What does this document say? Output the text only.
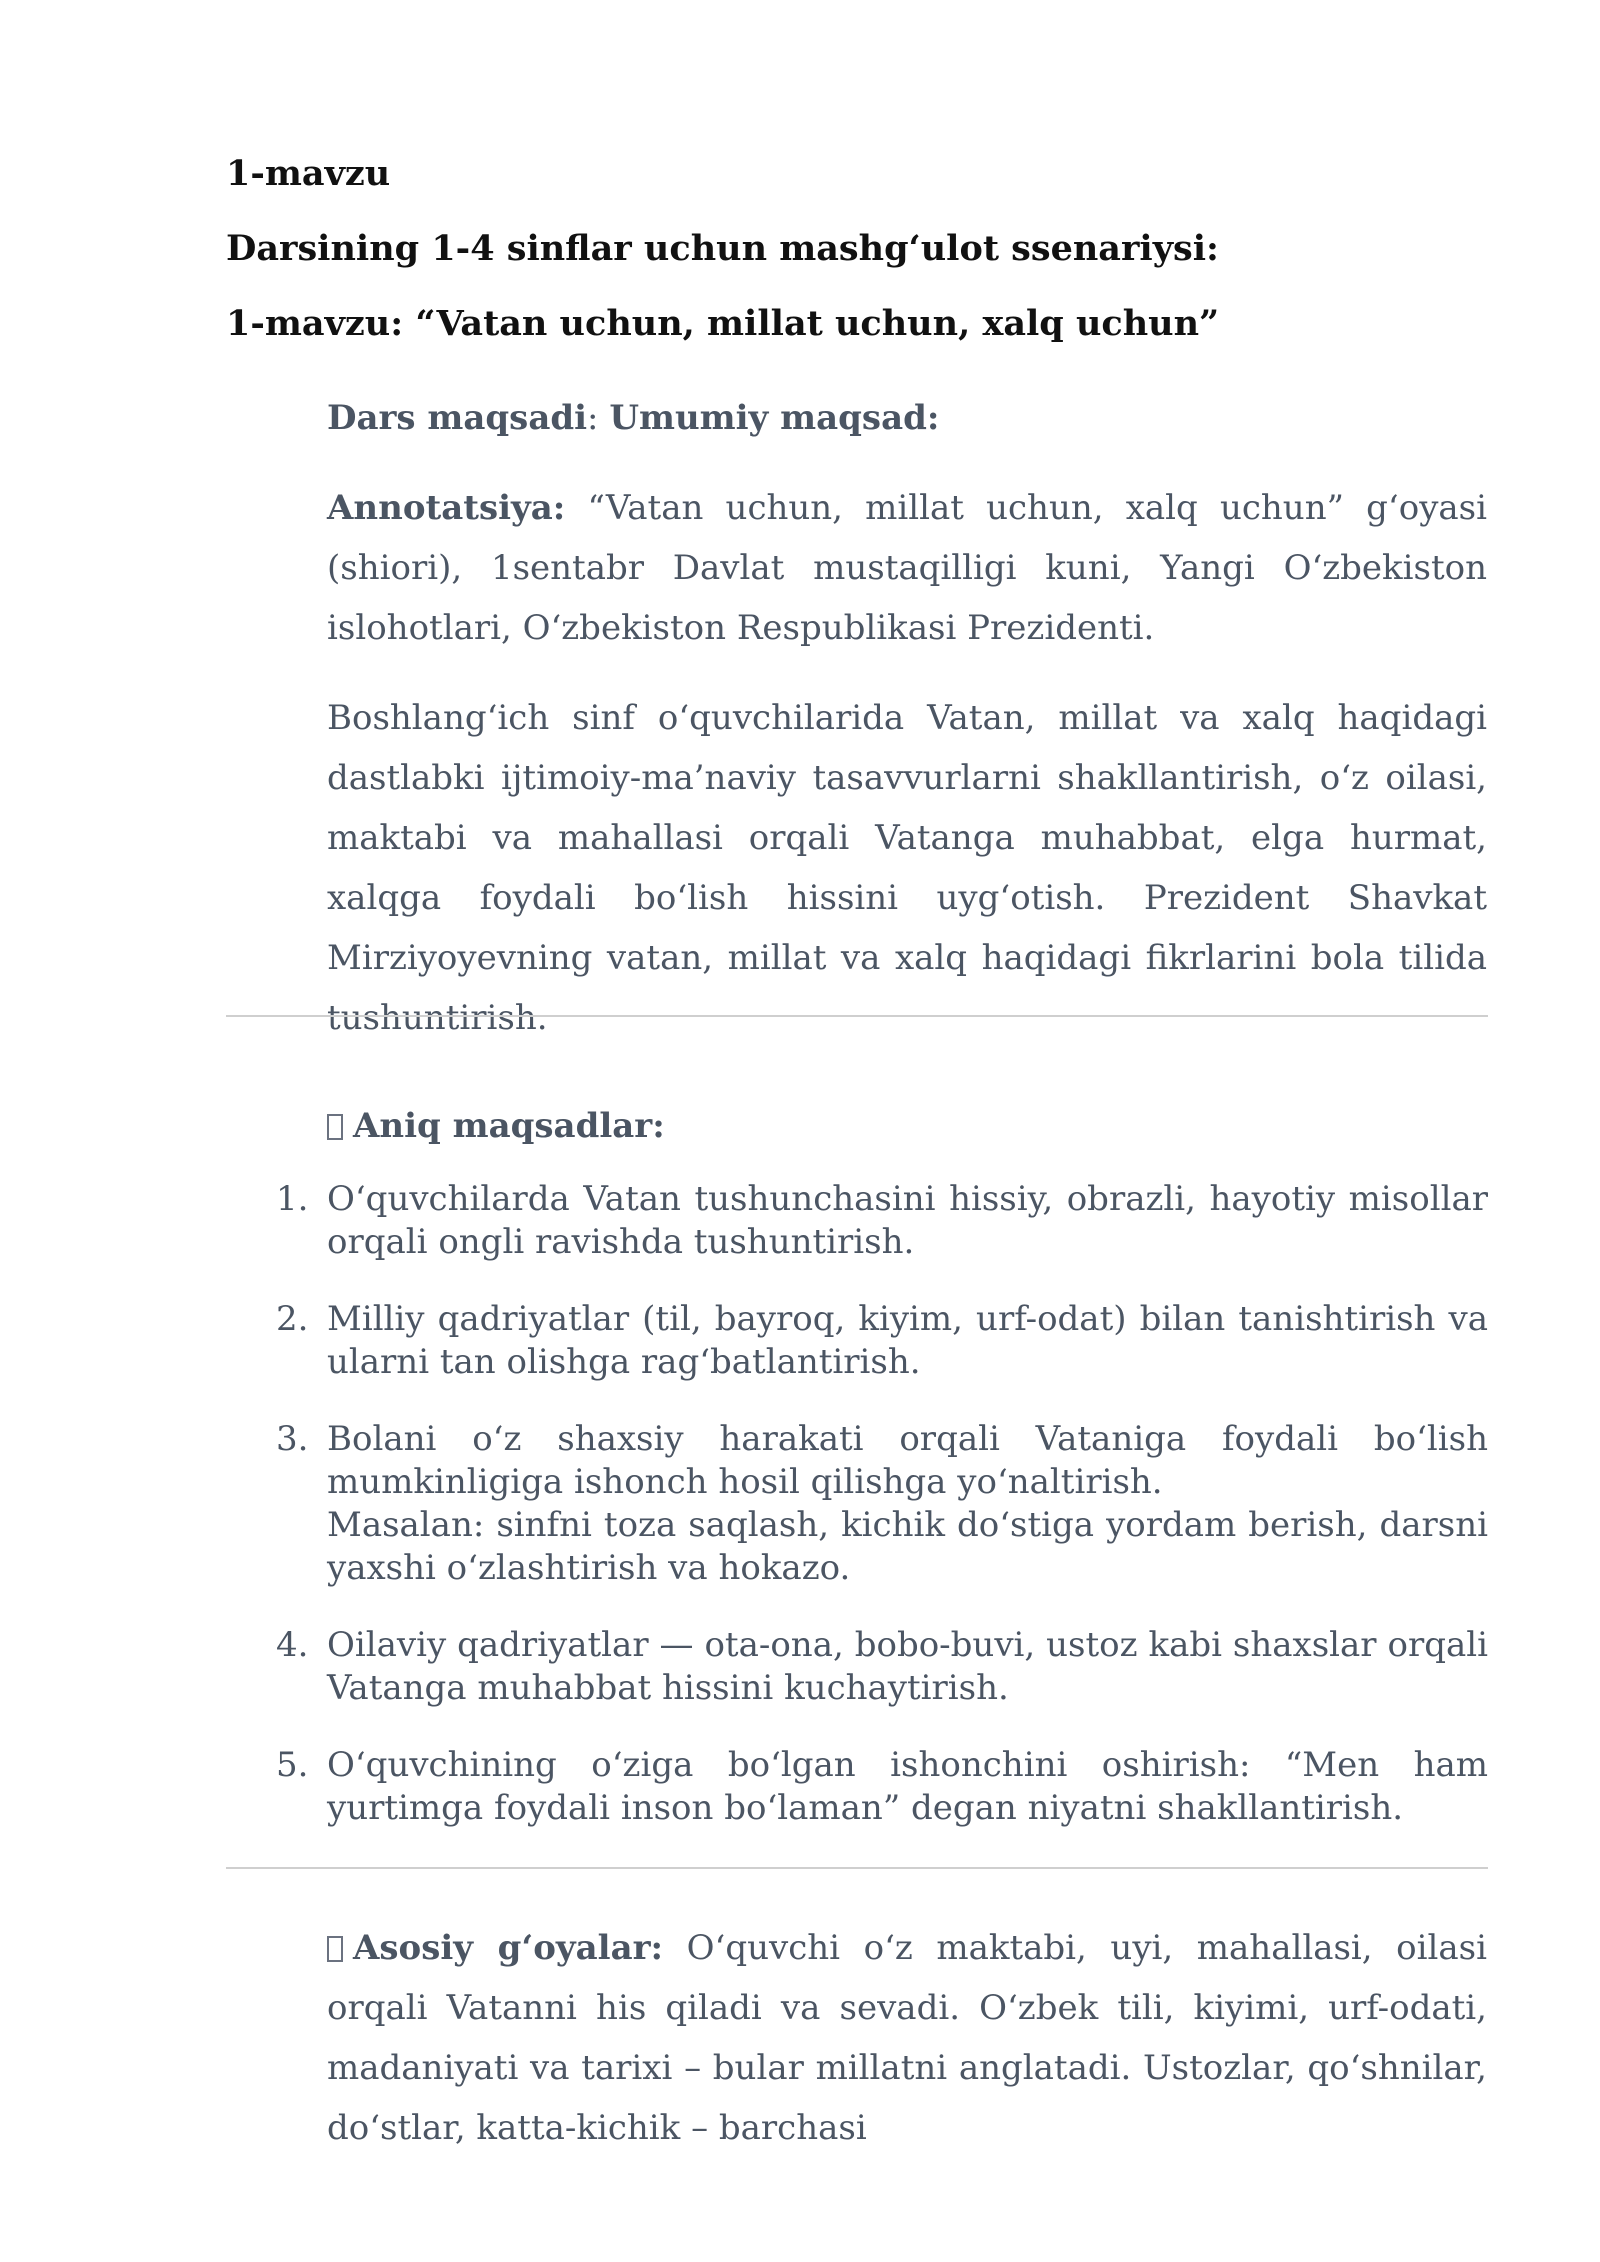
1-mavzu

Darsining 1-4 sinflar uchun mashg‘ulot ssenariysi:

1-mavzu: “Vatan uchun, millat uchun, xalq uchun”

Dars maqsadi: Umumiy maqsad:

Annotatsiya: “Vatan uchun, millat uchun, xalq uchun” g‘oyasi (shiori), 1sentabr Davlat mustaqilligi kuni, Yangi O‘zbekiston islohotlari, O‘zbekiston Respublikasi Prezidenti.

Boshlang‘ich sinf o‘quvchilarida Vatan, millat va xalq haqidagi dastlabki ijtimoiy-ma’naviy tasavvurlarni shakllantirish, o‘z oilasi, maktabi va mahallasi orqali Vatanga muhabbat, elga hurmat, xalqga foydali bo‘lish hissini uyg‘otish. Prezident Shavkat Mirziyoyevning vatan, millat va xalq haqidagi fikrlarini bola tilida tushuntirish.

Aniq maqsadlar:

1. O‘quvchilarda Vatan tushunchasini hissiy, obrazli, hayotiy misollar orqali ongli ravishda tushuntirish.
2. Milliy qadriyatlar (til, bayroq, kiyim, urf-odat) bilan tanishtirish va ularni tan olishga rag‘batlantirish.
3. Bolani o‘z shaxsiy harakati orqali Vataniga foydali bo‘lish mumkinligiga ishonch hosil qilishga yo‘naltirish.
Masalan: sinfni toza saqlash, kichik do‘stiga yordam berish, darsni yaxshi o‘zlashtirish va hokazo.
4. Oilaviy qadriyatlar — ota-ona, bobo-buvi, ustoz kabi shaxslar orqali Vatanga muhabbat hissini kuchaytirish.
5. O‘quvchining o‘ziga bo‘lgan ishonchini oshirish: “Men ham yurtimga foydali inson bo‘laman” degan niyatni shakllantirish.

Asosiy g‘oyalar: O‘quvchi o‘z maktabi, uyi, mahallasi, oilasi orqali Vatanni his qiladi va sevadi. O‘zbek tili, kiyimi, urf-odati, madaniyati va tarixi – bular millatni anglatadi. Ustozlar, qo‘shnilar, do‘stlar, katta-kichik – barchasi
